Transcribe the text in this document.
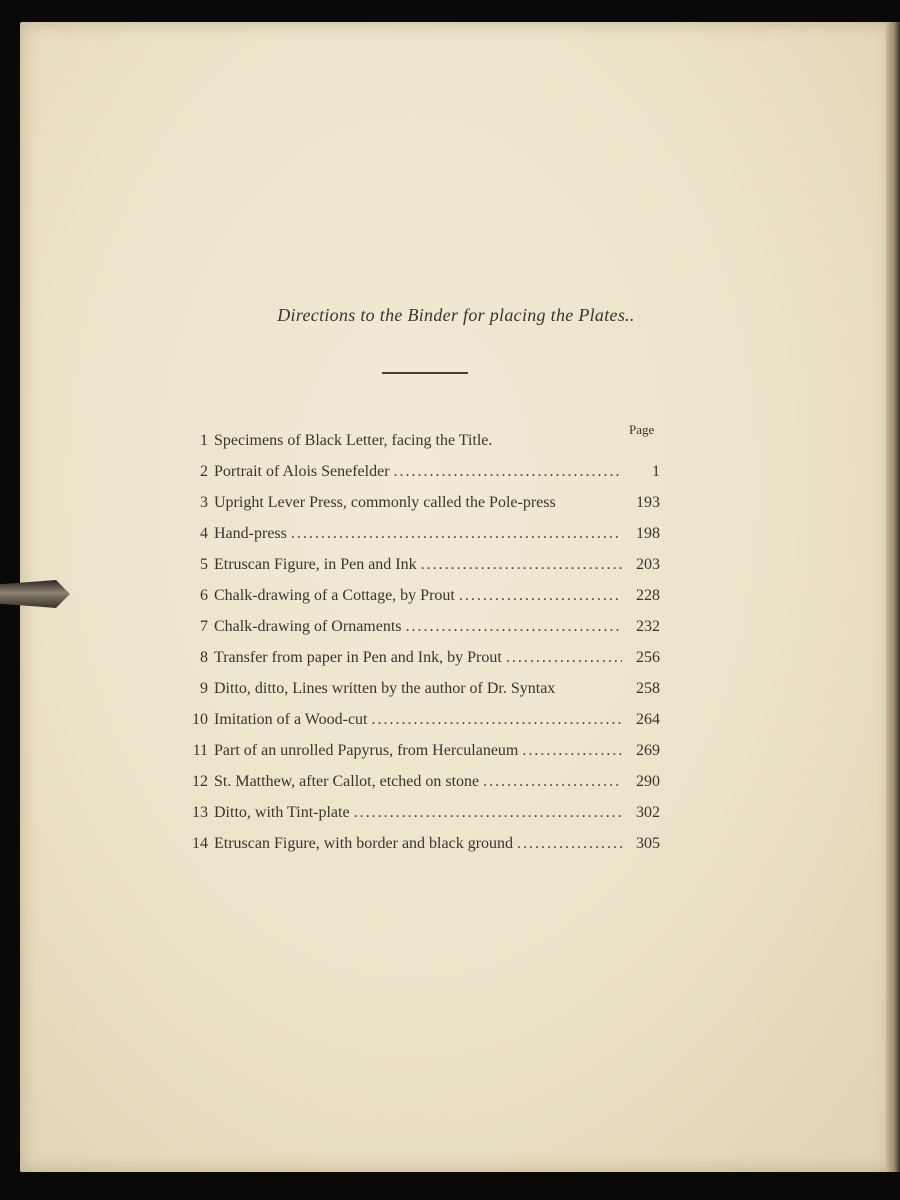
Directions to the Binder for placing the Plates..
Page
1 Specimens of Black Letter, facing the Title.
2 Portrait of Alois Senefelder .....	1
3 Upright Lever Press, commonly called the Pole-press	193
4 Hand-press .....	198
5 Etruscan Figure, in Pen and Ink .....	203
6 Chalk-drawing of a Cottage, by Prout .....	228
7 Chalk-drawing of Ornaments .....	232
8 Transfer from paper in Pen and Ink, by Prout .....	256
9 Ditto, ditto, Lines written by the author of Dr. Syntax	258
10 Imitation of a Wood-cut .....	264
11 Part of an unrolled Papyrus, from Herculaneum .....	269
12 St. Matthew, after Callot, etched on stone .....	290
13 Ditto, with Tint-plate .....	302
14 Etruscan Figure, with border and black ground .....	305
